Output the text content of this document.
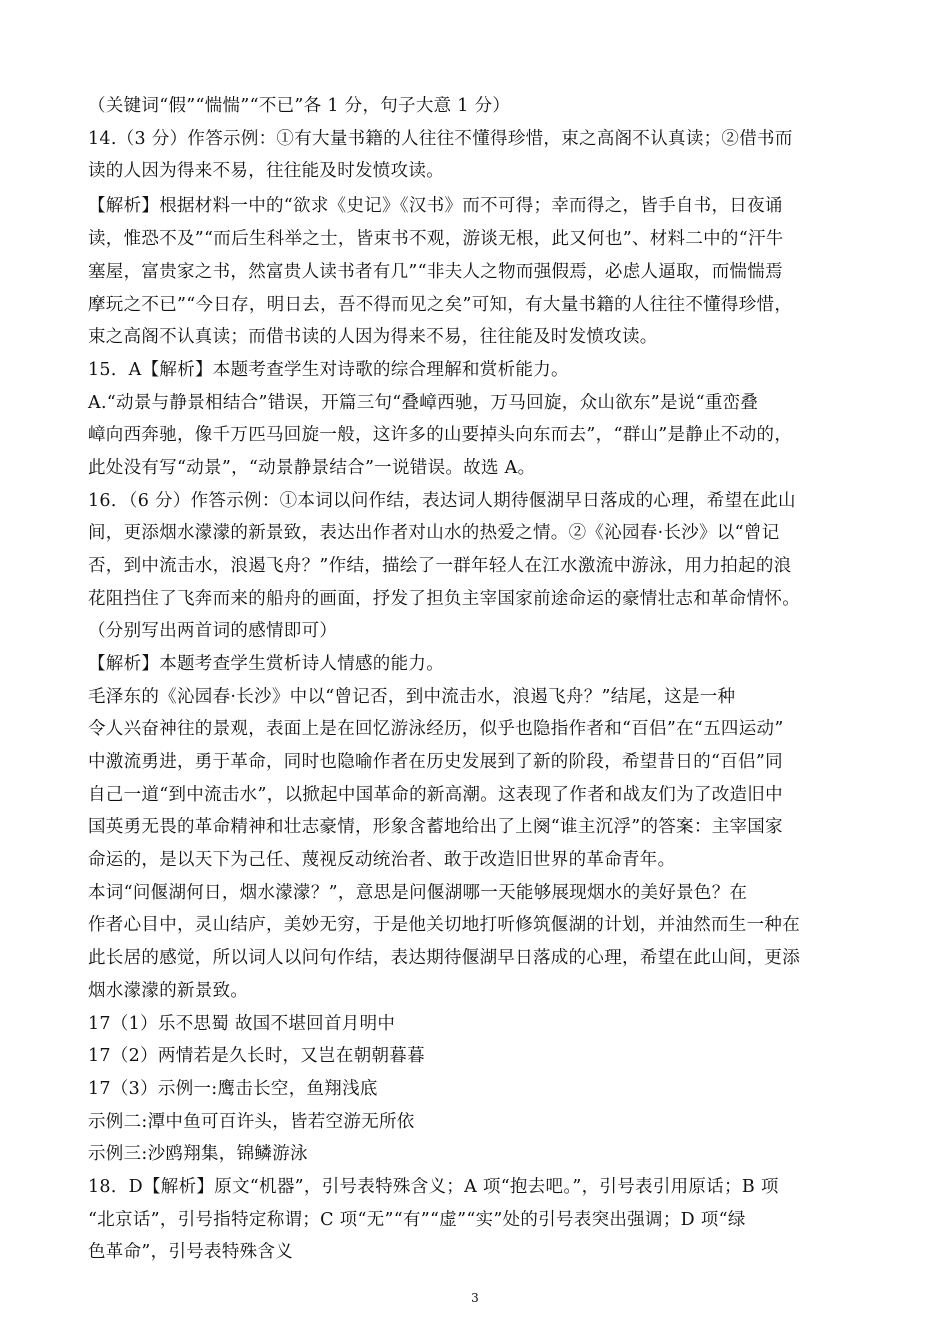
（关键词“假”“惴惴”“不已”各 1 分，句子大意 1 分）
14.（3 分）作答示例：①有大量书籍的人往往不懂得珍惜，束之高阁不认真读；②借书而
读的人因为得来不易，往往能及时发愤攻读。
【解析】根据材料一中的“欲求《史记》《汉书》而不可得；幸而得之，皆手自书，日夜诵
读，惟恐不及”“而后生科举之士，皆束书不观，游谈无根，此又何也”、材料二中的“汗牛
塞屋，富贵家之书，然富贵人读书者有几”“非夫人之物而强假焉，必虑人逼取，而惴惴焉
摩玩之不已”“今日存，明日去，吾不得而见之矣”可知，有大量书籍的人往往不懂得珍惜，
束之高阁不认真读；而借书读的人因为得来不易，往往能及时发愤攻读。
15．A【解析】本题考查学生对诗歌的综合理解和赏析能力。
A.“动景与静景相结合”错误，开篇三句“叠嶂西驰，万马回旋，众山欲东”是说“重峦叠
嶂向西奔驰，像千万匹马回旋一般，这许多的山要掉头向东而去”，“群山”是静止不动的，
此处没有写“动景”，“动景静景结合”一说错误。故选 A。
16．（6 分）作答示例：①本词以问作结，表达词人期待偃湖早日落成的心理，希望在此山
间，更添烟水濛濛的新景致，表达出作者对山水的热爱之情。②《沁园春·长沙》以“曾记
否，到中流击水，浪遏飞舟？”作结，描绘了一群年轻人在江水激流中游泳，用力拍起的浪
花阻挡住了飞奔而来的船舟的画面，抒发了担负主宰国家前途命运的豪情壮志和革命情怀。
（分别写出两首词的感情即可）
【解析】本题考查学生赏析诗人情感的能力。
毛泽东的《沁园春·长沙》中以“曾记否，到中流击水，浪遏飞舟？”结尾，这是一种
令人兴奋神往的景观，表面上是在回忆游泳经历，似乎也隐指作者和“百侣”在“五四运动”
中激流勇进，勇于革命，同时也隐喻作者在历史发展到了新的阶段，希望昔日的“百侣”同
自己一道“到中流击水”，以掀起中国革命的新高潮。这表现了作者和战友们为了改造旧中
国英勇无畏的革命精神和壮志豪情，形象含蓄地给出了上阕“谁主沉浮”的答案：主宰国家
命运的，是以天下为己任、蔑视反动统治者、敢于改造旧世界的革命青年。
本词“问偃湖何日，烟水濛濛？”，意思是问偃湖哪一天能够展现烟水的美好景色？在
作者心目中，灵山结庐，美妙无穷，于是他关切地打听修筑偃湖的计划，并油然而生一种在
此长居的感觉，所以词人以问句作结，表达期待偃湖早日落成的心理，希望在此山间，更添
烟水濛濛的新景致。
17（1）乐不思蜀 故国不堪回首月明中
17（2）两情若是久长时，又岂在朝朝暮暮
17（3）示例一:鹰击长空，鱼翔浅底
示例二:潭中鱼可百许头，皆若空游无所依
示例三:沙鸥翔集，锦鳞游泳
18．D【解析】原文“机器”，引号表特殊含义；A 项“抱去吧。”，引号表引用原话；B 项
“北京话”，引号指特定称谓；C 项“无”“有”“虚”“实”处的引号表突出强调；D 项“绿
色革命”，引号表特殊含义
3
